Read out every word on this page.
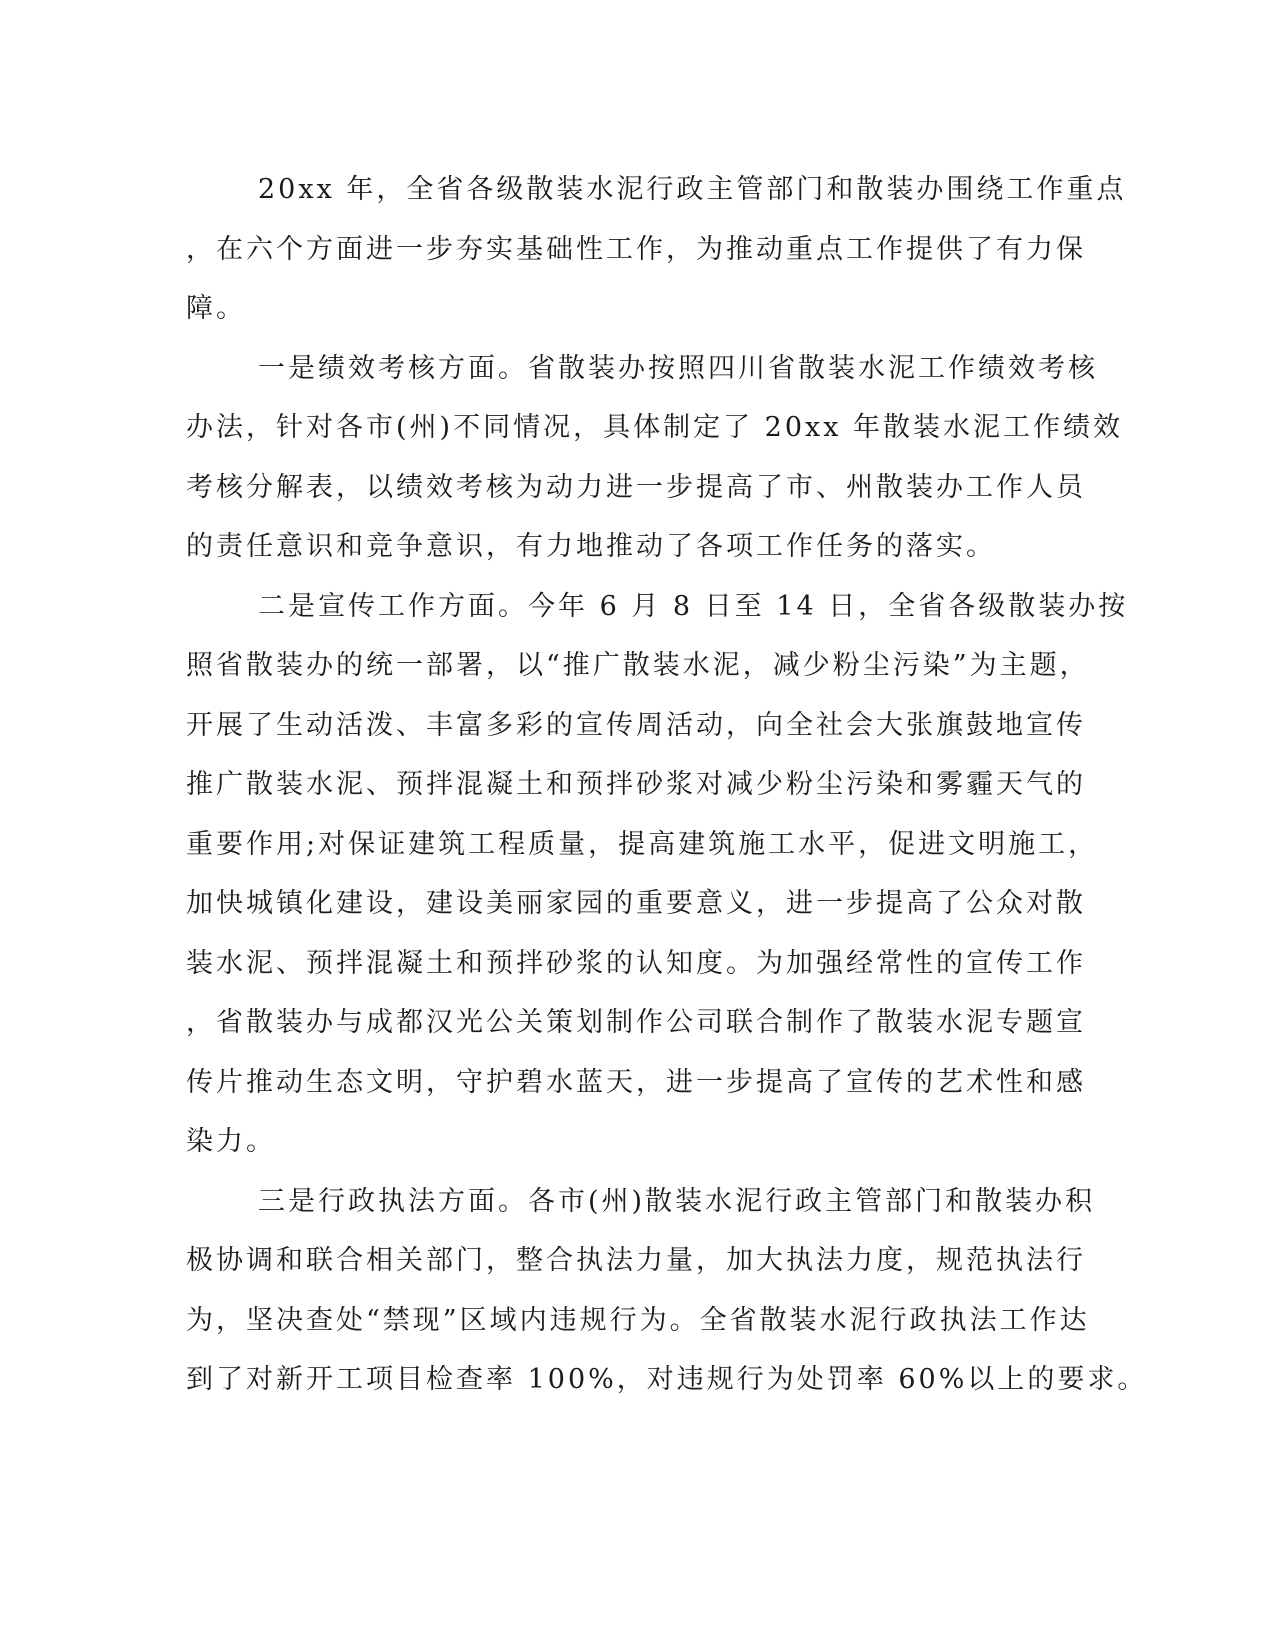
20xx 年，全省各级散装水泥行政主管部门和散装办围绕工作重点
，在六个方面进一步夯实基础性工作，为推动重点工作提供了有力保
障。
一是绩效考核方面。省散装办按照四川省散装水泥工作绩效考核
办法，针对各市(州)不同情况，具体制定了 20xx 年散装水泥工作绩效
考核分解表，以绩效考核为动力进一步提高了市、州散装办工作人员
的责任意识和竞争意识，有力地推动了各项工作任务的落实。
二是宣传工作方面。今年 6 月 8 日至 14 日，全省各级散装办按
照省散装办的统一部署，以“推广散装水泥，减少粉尘污染”为主题，
开展了生动活泼、丰富多彩的宣传周活动，向全社会大张旗鼓地宣传
推广散装水泥、预拌混凝土和预拌砂浆对减少粉尘污染和雾霾天气的
重要作用;对保证建筑工程质量，提高建筑施工水平，促进文明施工，
加快城镇化建设，建设美丽家园的重要意义，进一步提高了公众对散
装水泥、预拌混凝土和预拌砂浆的认知度。为加强经常性的宣传工作
，省散装办与成都汉光公关策划制作公司联合制作了散装水泥专题宣
传片推动生态文明，守护碧水蓝天，进一步提高了宣传的艺术性和感
染力。
三是行政执法方面。各市(州)散装水泥行政主管部门和散装办积
极协调和联合相关部门，整合执法力量，加大执法力度，规范执法行
为，坚决查处“禁现”区域内违规行为。全省散装水泥行政执法工作达
到了对新开工项目检查率 100%，对违规行为处罚率 60%以上的要求。
